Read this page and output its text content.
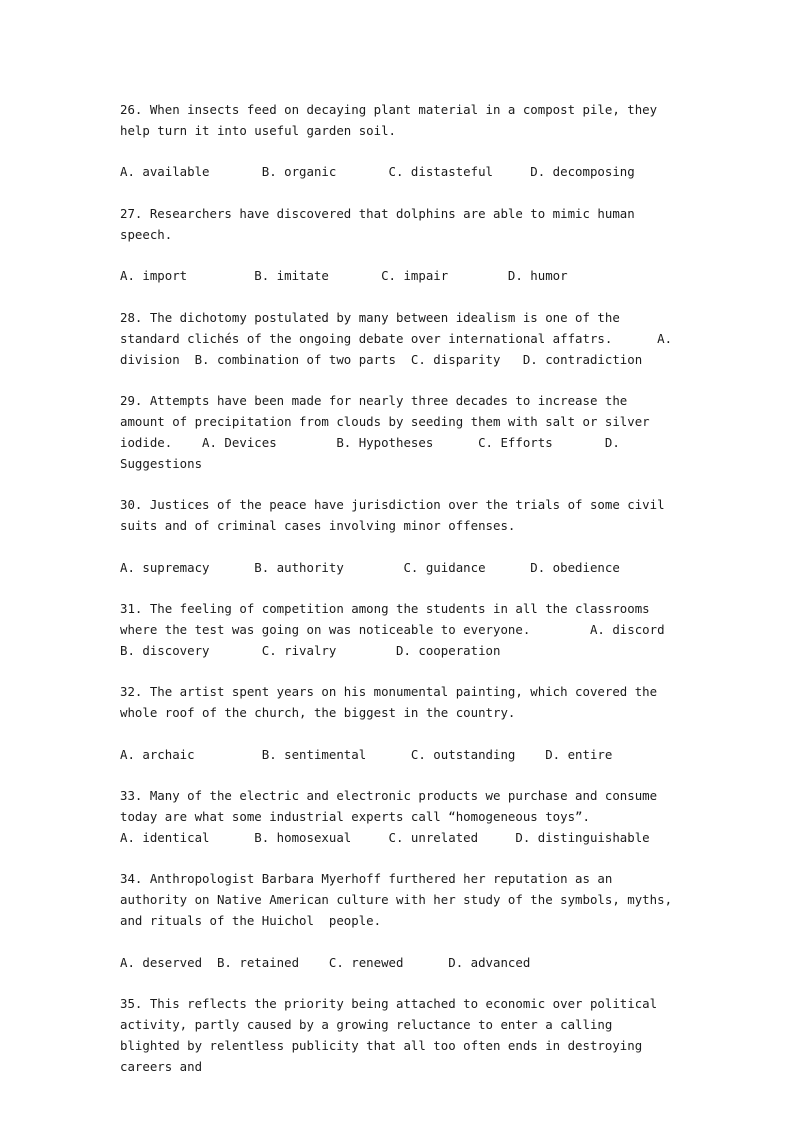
26. When insects feed on decaying plant material in a compost pile, they help turn it into useful garden soil.

A. available       B. organic       C. distasteful     D. decomposing

27. Researchers have discovered that dolphins are able to mimic human speech.

A. import         B. imitate       C. impair        D. humor

28. The dichotomy postulated by many between idealism is one of the standard clichés of the ongoing debate over international affatrs.      A. division  B. combination of two parts  C. disparity   D. contradiction

29. Attempts have been made for nearly three decades to increase the amount of precipitation from clouds by seeding them with salt or silver iodide.    A. Devices        B. Hypotheses      C. Efforts       D. Suggestions

30. Justices of the peace have jurisdiction over the trials of some civil suits and of criminal cases involving minor offenses.

A. supremacy      B. authority        C. guidance      D. obedience

31. The feeling of competition among the students in all the classrooms where the test was going on was noticeable to everyone.        A. discord        B. discovery       C. rivalry        D. cooperation

32. The artist spent years on his monumental painting, which covered the whole roof of the church, the biggest in the country.

A. archaic         B. sentimental      C. outstanding    D. entire

33. Many of the electric and electronic products we purchase and consume today are what some industrial experts call “homogeneous toys”.          A. identical      B. homosexual     C. unrelated     D. distinguishable

34. Anthropologist Barbara Myerhoff furthered her reputation as an authority on Native American culture with her study of the symbols, myths, and rituals of the Huichol  people.

A. deserved  B. retained    C. renewed      D. advanced

35. This reflects the priority being attached to economic over political activity, partly caused by a growing reluctance to enter a calling blighted by relentless publicity that all too often ends in destroying careers and
